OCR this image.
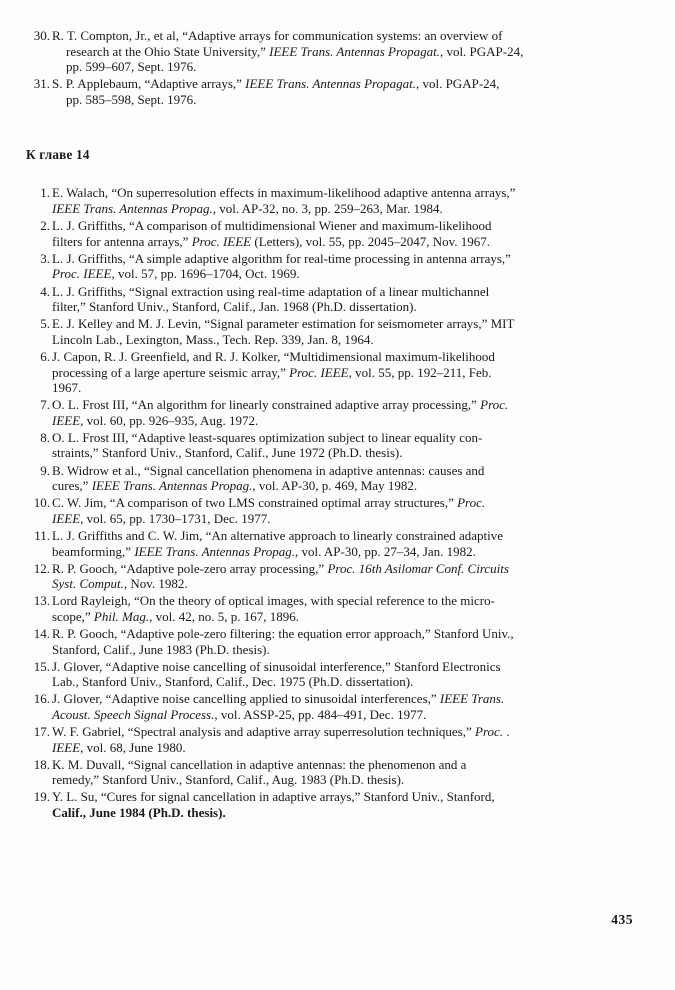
30. R. T. Compton, Jr., et al, “Adaptive arrays for communication systems: an overview of
research at the Ohio State University,” IEEE Trans. Antennas Propagat., vol. PGAP-24,
pp. 599–607, Sept. 1976.
31. S. P. Applebaum, “Adaptive arrays,” IEEE Trans. Antennas Propagat., vol. PGAP-24,
pp. 585–598, Sept. 1976.
К главе 14
1. E. Walach, “On superresolution effects in maximum-likelihood adaptive antenna arrays,”
IEEE Trans. Antennas Propag., vol. AP-32, no. 3, pp. 259–263, Mar. 1984.
2. L. J. Griffiths, “A comparison of multidimensional Wiener and maximum-likelihood
filters for antenna arrays,” Proc. IEEE (Letters), vol. 55, pp. 2045–2047, Nov. 1967.
3. L. J. Griffiths, “A simple adaptive algorithm for real-time processing in antenna arrays,”
Proc. IEEE, vol. 57, pp. 1696–1704, Oct. 1969.
4. L. J. Griffiths, “Signal extraction using real-time adaptation of a linear multichannel
filter,” Stanford Univ., Stanford, Calif., Jan. 1968 (Ph.D. dissertation).
5. E. J. Kelley and M. J. Levin, “Signal parameter estimation for seismometer arrays,” MIT
Lincoln Lab., Lexington, Mass., Tech. Rep. 339, Jan. 8, 1964.
6. J. Capon, R. J. Greenfield, and R. J. Kolker, “Multidimensional maximum-likelihood
processing of a large aperture seismic array,” Proc. IEEE, vol. 55, pp. 192–211, Feb.
1967.
7. O. L. Frost III, “An algorithm for linearly constrained adaptive array processing,” Proc.
IEEE, vol. 60, pp. 926–935, Aug. 1972.
8. O. L. Frost III, “Adaptive least-squares optimization subject to linear equality con-
straints,” Stanford Univ., Stanford, Calif., June 1972 (Ph.D. thesis).
9. B. Widrow et al., “Signal cancellation phenomena in adaptive antennas: causes and
cures,” IEEE Trans. Antennas Propag., vol. AP-30, p. 469, May 1982.
10. C. W. Jim, “A comparison of two LMS constrained optimal array structures,” Proc.
IEEE, vol. 65, pp. 1730–1731, Dec. 1977.
11. L. J. Griffiths and C. W. Jim, “An alternative approach to linearly constrained adaptive
beamforming,” IEEE Trans. Antennas Propag., vol. AP-30, pp. 27–34, Jan. 1982.
12. R. P. Gooch, “Adaptive pole-zero array processing,” Proc. 16th Asilomar Conf. Circuits
Syst. Comput., Nov. 1982.
13. Lord Rayleigh, “On the theory of optical images, with special reference to the micro-
scope,” Phil. Mag., vol. 42, no. 5, p. 167, 1896.
14. R. P. Gooch, “Adaptive pole-zero filtering: the equation error approach,” Stanford Univ.,
Stanford, Calif., June 1983 (Ph.D. thesis).
15. J. Glover, “Adaptive noise cancelling of sinusoidal interference,” Stanford Electronics
Lab., Stanford Univ., Stanford, Calif., Dec. 1975 (Ph.D. dissertation).
16. J. Glover, “Adaptive noise cancelling applied to sinusoidal interferences,” IEEE Trans.
Acoust. Speech Signal Process., vol. ASSP-25, pp. 484–491, Dec. 1977.
17. W. F. Gabriel, “Spectral analysis and adaptive array superresolution techniques,” Proc. .
IEEE, vol. 68, June 1980.
18. K. M. Duvall, “Signal cancellation in adaptive antennas: the phenomenon and a
remedy,” Stanford Univ., Stanford, Calif., Aug. 1983 (Ph.D. thesis).
19. Y. L. Su, “Cures for signal cancellation in adaptive arrays,” Stanford Univ., Stanford,
Calif., June 1984 (Ph.D. thesis).
435
